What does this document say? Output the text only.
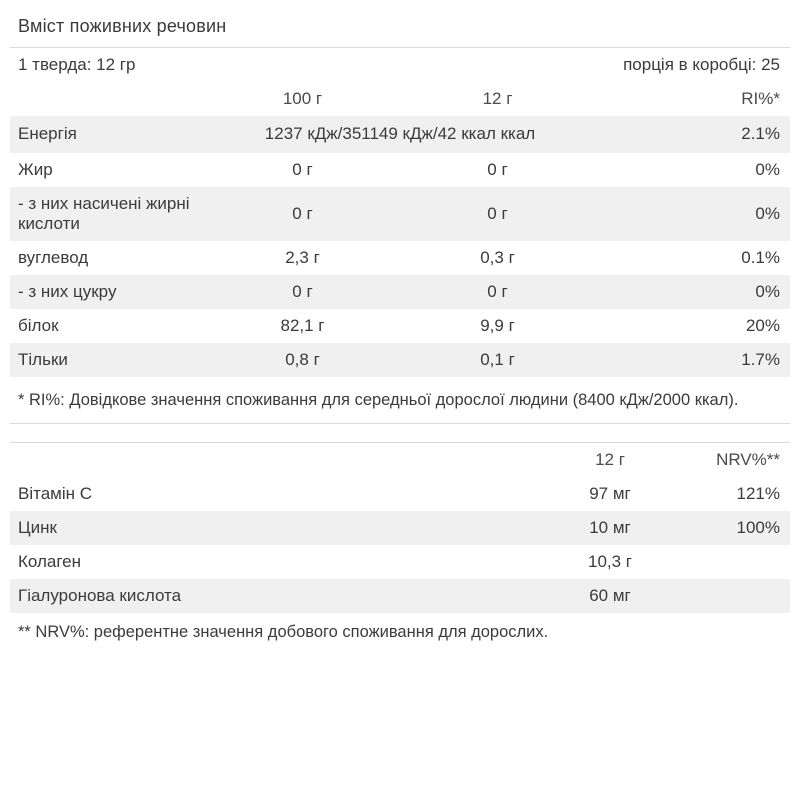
Вміст поживних речовин
1 тверда: 12 гр		порція в коробці: 25	
	100 г	12 г	RI%*
Енергія	1237 кДж/351149 кДж/42 ккал ккал		2.1%
Жир	0 г	0 г	0%
- з них насичені жирні кислоти	0 г	0 г	0%
вуглевод	2,3 г	0,3 г	0.1%
- з них цукру	0 г	0 г	0%
білок	82,1 г	9,9 г	20%
Тільки	0,8 г	0,1 г	1.7%
* RI%: Довідкове значення споживання для середньої дорослої людини (8400 кДж/2000 ккал).
	12 г	NRV%**
Вітамін C	97 мг	121%
Цинк	10 мг	100%
Колаген	10,3 г	
Гіалуронова кислота	60 мг	
** NRV%: референтне значення добового споживання для дорослих.
